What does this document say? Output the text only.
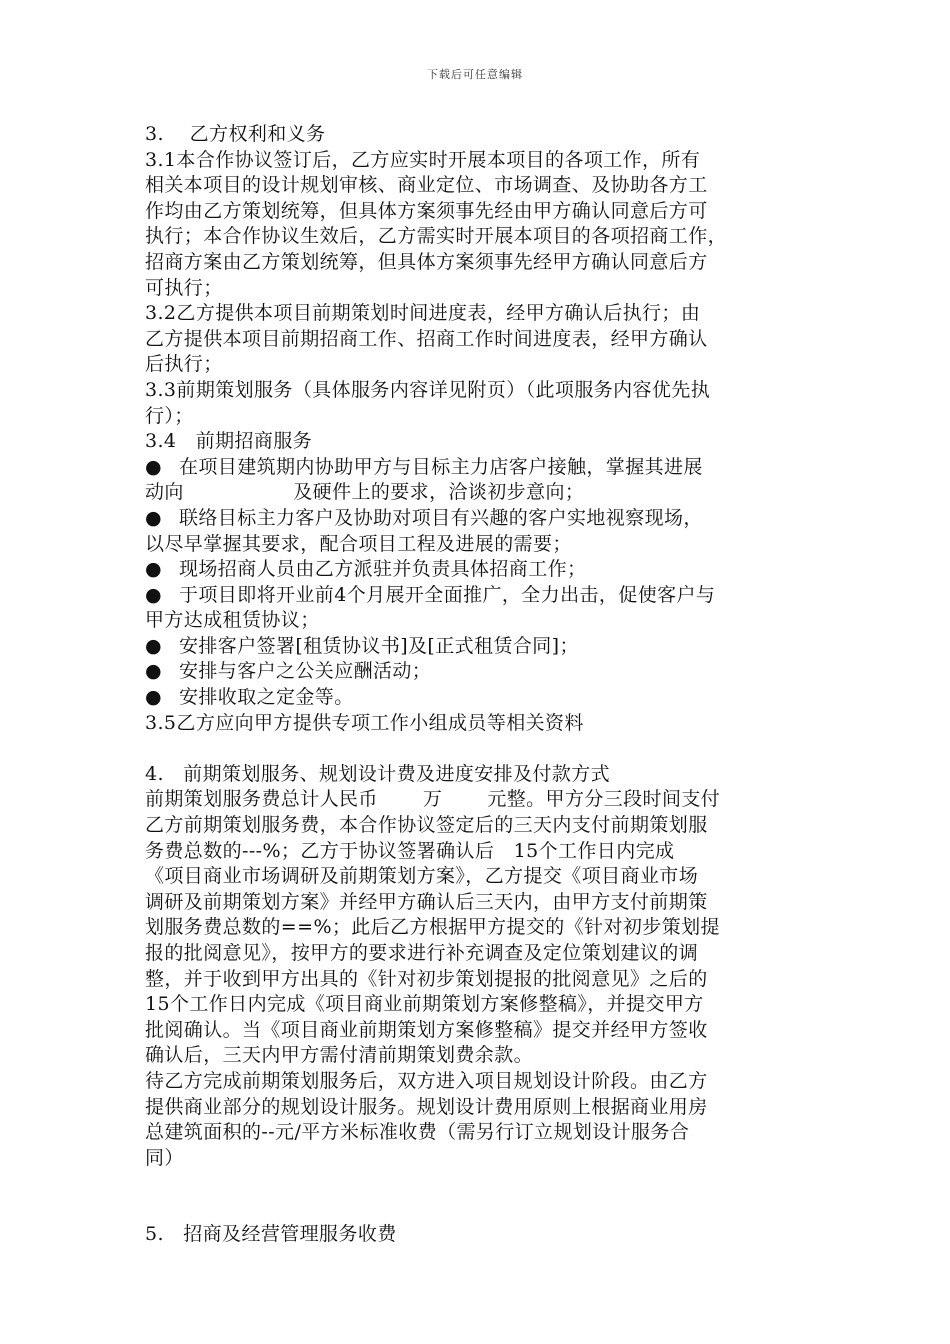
下载后可任意编辑
3.    乙方权利和义务
3.1本合作协议签订后，乙方应实时开展本项目的各项工作，所有
相关本项目的设计规划审核、商业定位、市场调查、及协助各方工
作均由乙方策划统筹，但具体方案须事先经由甲方确认同意后方可
执行；本合作协议生效后，乙方需实时开展本项目的各项招商工作，
招商方案由乙方策划统筹，但具体方案须事先经甲方确认同意后方
可执行；
3.2乙方提供本项目前期策划时间进度表，经甲方确认后执行；由
乙方提供本项目前期招商工作、招商工作时间进度表，经甲方确认
后执行；
3.3前期策划服务（具体服务内容详见附页）（此项服务内容优先执
行）；
3.4   前期招商服务
● 在项目建筑期内协助甲方与目标主力店客户接触，掌握其进展
动向                 及硬件上的要求，洽谈初步意向；
● 联络目标主力客户及协助对项目有兴趣的客户实地视察现场，
以尽早掌握其要求，配合项目工程及进展的需要；
● 现场招商人员由乙方派驻并负责具体招商工作；
● 于项目即将开业前4个月展开全面推广，全力出击，促使客户与
甲方达成租赁协议；
● 安排客户签署[租赁协议书]及[正式租赁合同]；
● 安排与客户之公关应酬活动；
● 安排收取之定金等。
3.5乙方应向甲方提供专项工作小组成员等相关资料
4.   前期策划服务、规划设计费及进度安排及付款方式
前期策划服务费总计人民币       万       元整。甲方分三段时间支付
乙方前期策划服务费，本合作协议签定后的三天内支付前期策划服
务费总数的---%；乙方于协议签署确认后   15个工作日内完成
《项目商业市场调研及前期策划方案》，乙方提交《项目商业市场
调研及前期策划方案》并经甲方确认后三天内，由甲方支付前期策
划服务费总数的==%；此后乙方根据甲方提交的《针对初步策划提
报的批阅意见》，按甲方的要求进行补充调查及定位策划建议的调
整，并于收到甲方出具的《针对初步策划提报的批阅意见》之后的
15个工作日内完成《项目商业前期策划方案修整稿》，并提交甲方
批阅确认。当《项目商业前期策划方案修整稿》提交并经甲方签收
确认后，三天内甲方需付清前期策划费余款。
待乙方完成前期策划服务后，双方进入项目规划设计阶段。由乙方
提供商业部分的规划设计服务。规划设计费用原则上根据商业用房
总建筑面积的--元/平方米标准收费（需另行订立规划设计服务合
同）
5.   招商及经营管理服务收费
